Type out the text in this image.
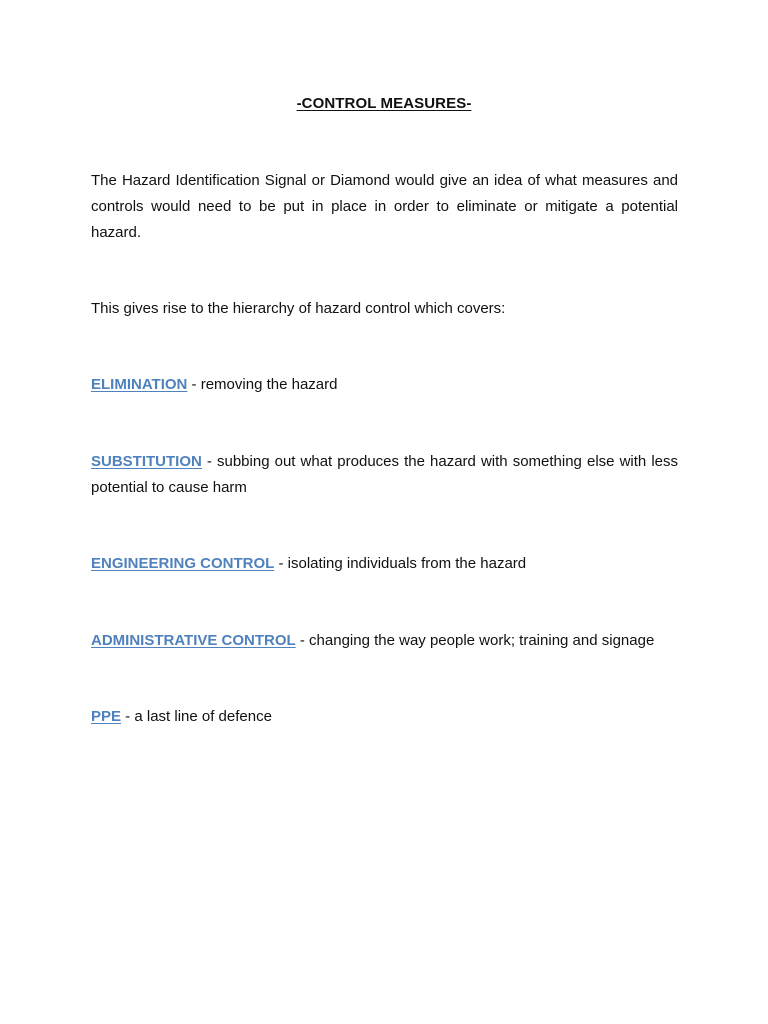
-CONTROL MEASURES-
The Hazard Identification Signal or Diamond would give an idea of what measures and controls would need to be put in place in order to eliminate or mitigate a potential hazard.
This gives rise to the hierarchy of hazard control which covers:
ELIMINATION - removing the hazard
SUBSTITUTION - subbing out what produces the hazard with something else with less potential to cause harm
ENGINEERING CONTROL - isolating individuals from the hazard
ADMINISTRATIVE CONTROL - changing the way people work; training and signage
PPE - a last line of defence
